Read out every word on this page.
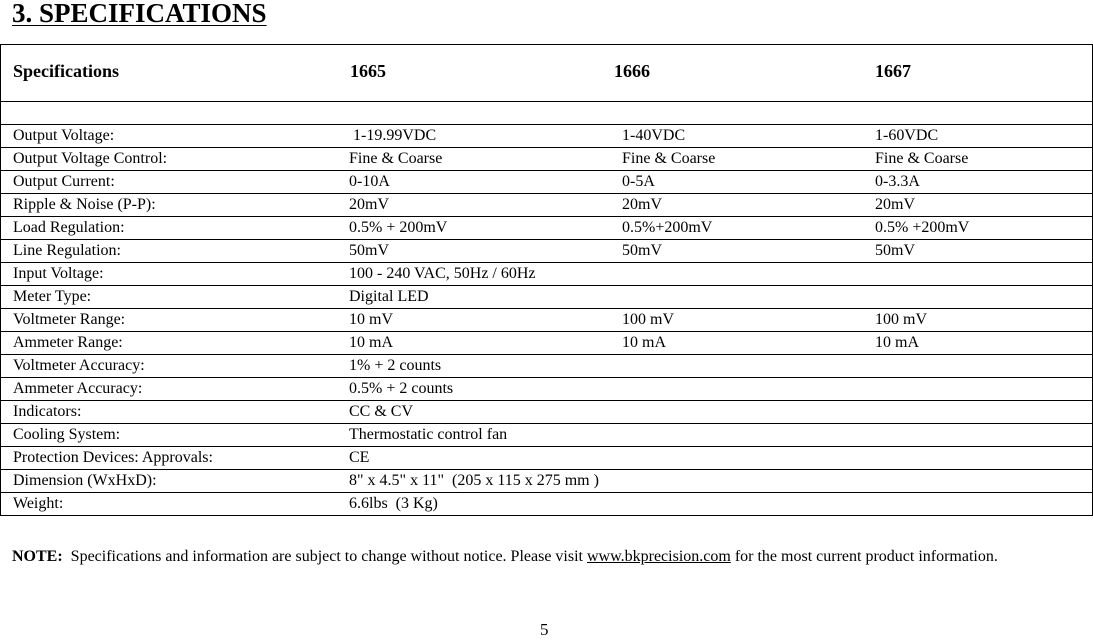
3. SPECIFICATIONS
Specifications	1665	1666	1667
Output Voltage:	1-19.99VDC	1-40VDC	1-60VDC
Output Voltage Control:	Fine & Coarse	Fine & Coarse	Fine & Coarse
Output Current:	0-10A	0-5A	0-3.3A
Ripple & Noise (P-P):	20mV	20mV	20mV
Load Regulation:	0.5% + 200mV	0.5%+200mV	0.5% +200mV
Line Regulation:	50mV	50mV	50mV
Input Voltage:	100 - 240 VAC, 50Hz / 60Hz
Meter Type:	Digital LED
Voltmeter Range:	10 mV	100 mV	100 mV
Ammeter Range:	10 mA	10 mA	10 mA
Voltmeter Accuracy:	1% + 2 counts
Ammeter Accuracy:	0.5% + 2 counts
Indicators:	CC & CV
Cooling System:	Thermostatic control fan
Protection Devices: Approvals:	CE
Dimension (WxHxD):	8" x 4.5" x 11"  (205 x 115 x 275 mm )
Weight:	6.6lbs  (3 Kg)
NOTE:  Specifications and information are subject to change without notice. Please visit www.bkprecision.com for the most current product information.
5
